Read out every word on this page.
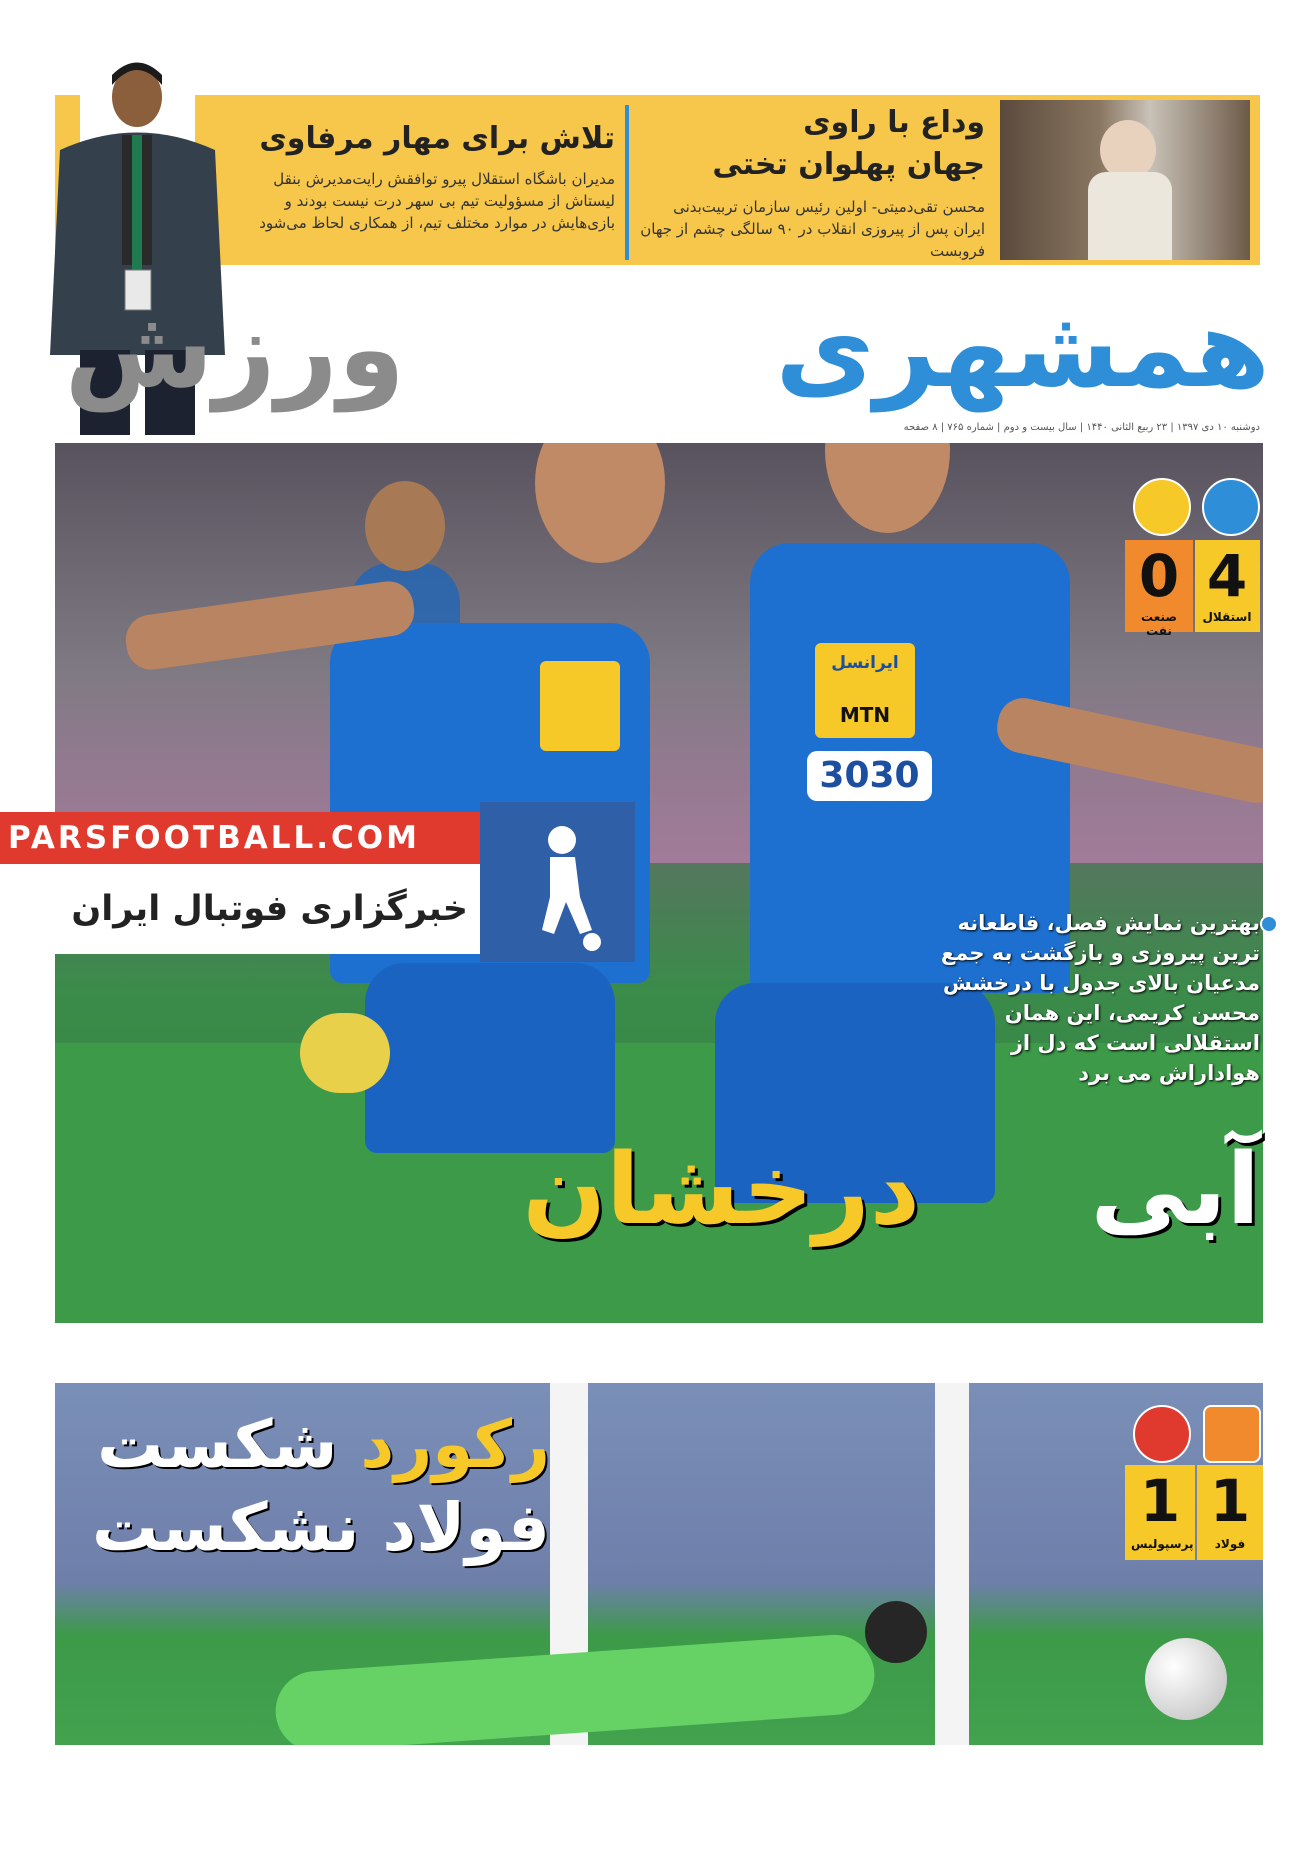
وداع با راوی
جهان پهلوان تختی
محسن تقی‌دمیتی- اولین رئیس سازمان تربیت‌بدنی ایران پس از پیروزی انقلاب در ۹۰ سالگی چشم از جهان فروبست
تلاش برای مهار مرفاوی
مدیران باشگاه استقلال پیرو توافقش رایت‌مدیرش بنقل لیستاش از مسؤولیت تیم بی سهر درت نیست بودند و بازی‌هایش در موارد مختلف تیم، از همکاری لحاظ می‌شود
همشهری
ورزش
دوشنبه ۱۰ دی ۱۳۹۷ | ۲۳ ربیع الثانی ۱۴۴۰ | سال بیست و دوم | شماره ۷۶۵ | ۸ صفحه
ایرانسل
MTN
3030
4
استقلال
0
صنعت نفت
PARSFOOTBALL.COM
خبرگزاری فوتبال ایران	بهترین نمایش فصل، قاطعانه ترین پیروزی و بازگشت به جمع مدعیان بالای جدول با درخشش محسن کریمی، این همان استقلالی است که دل از هواداراش می برد
آبی
درخشان
1
فولاد
1
پرسپولیس
رکورد شکست
فولاد نشکست
